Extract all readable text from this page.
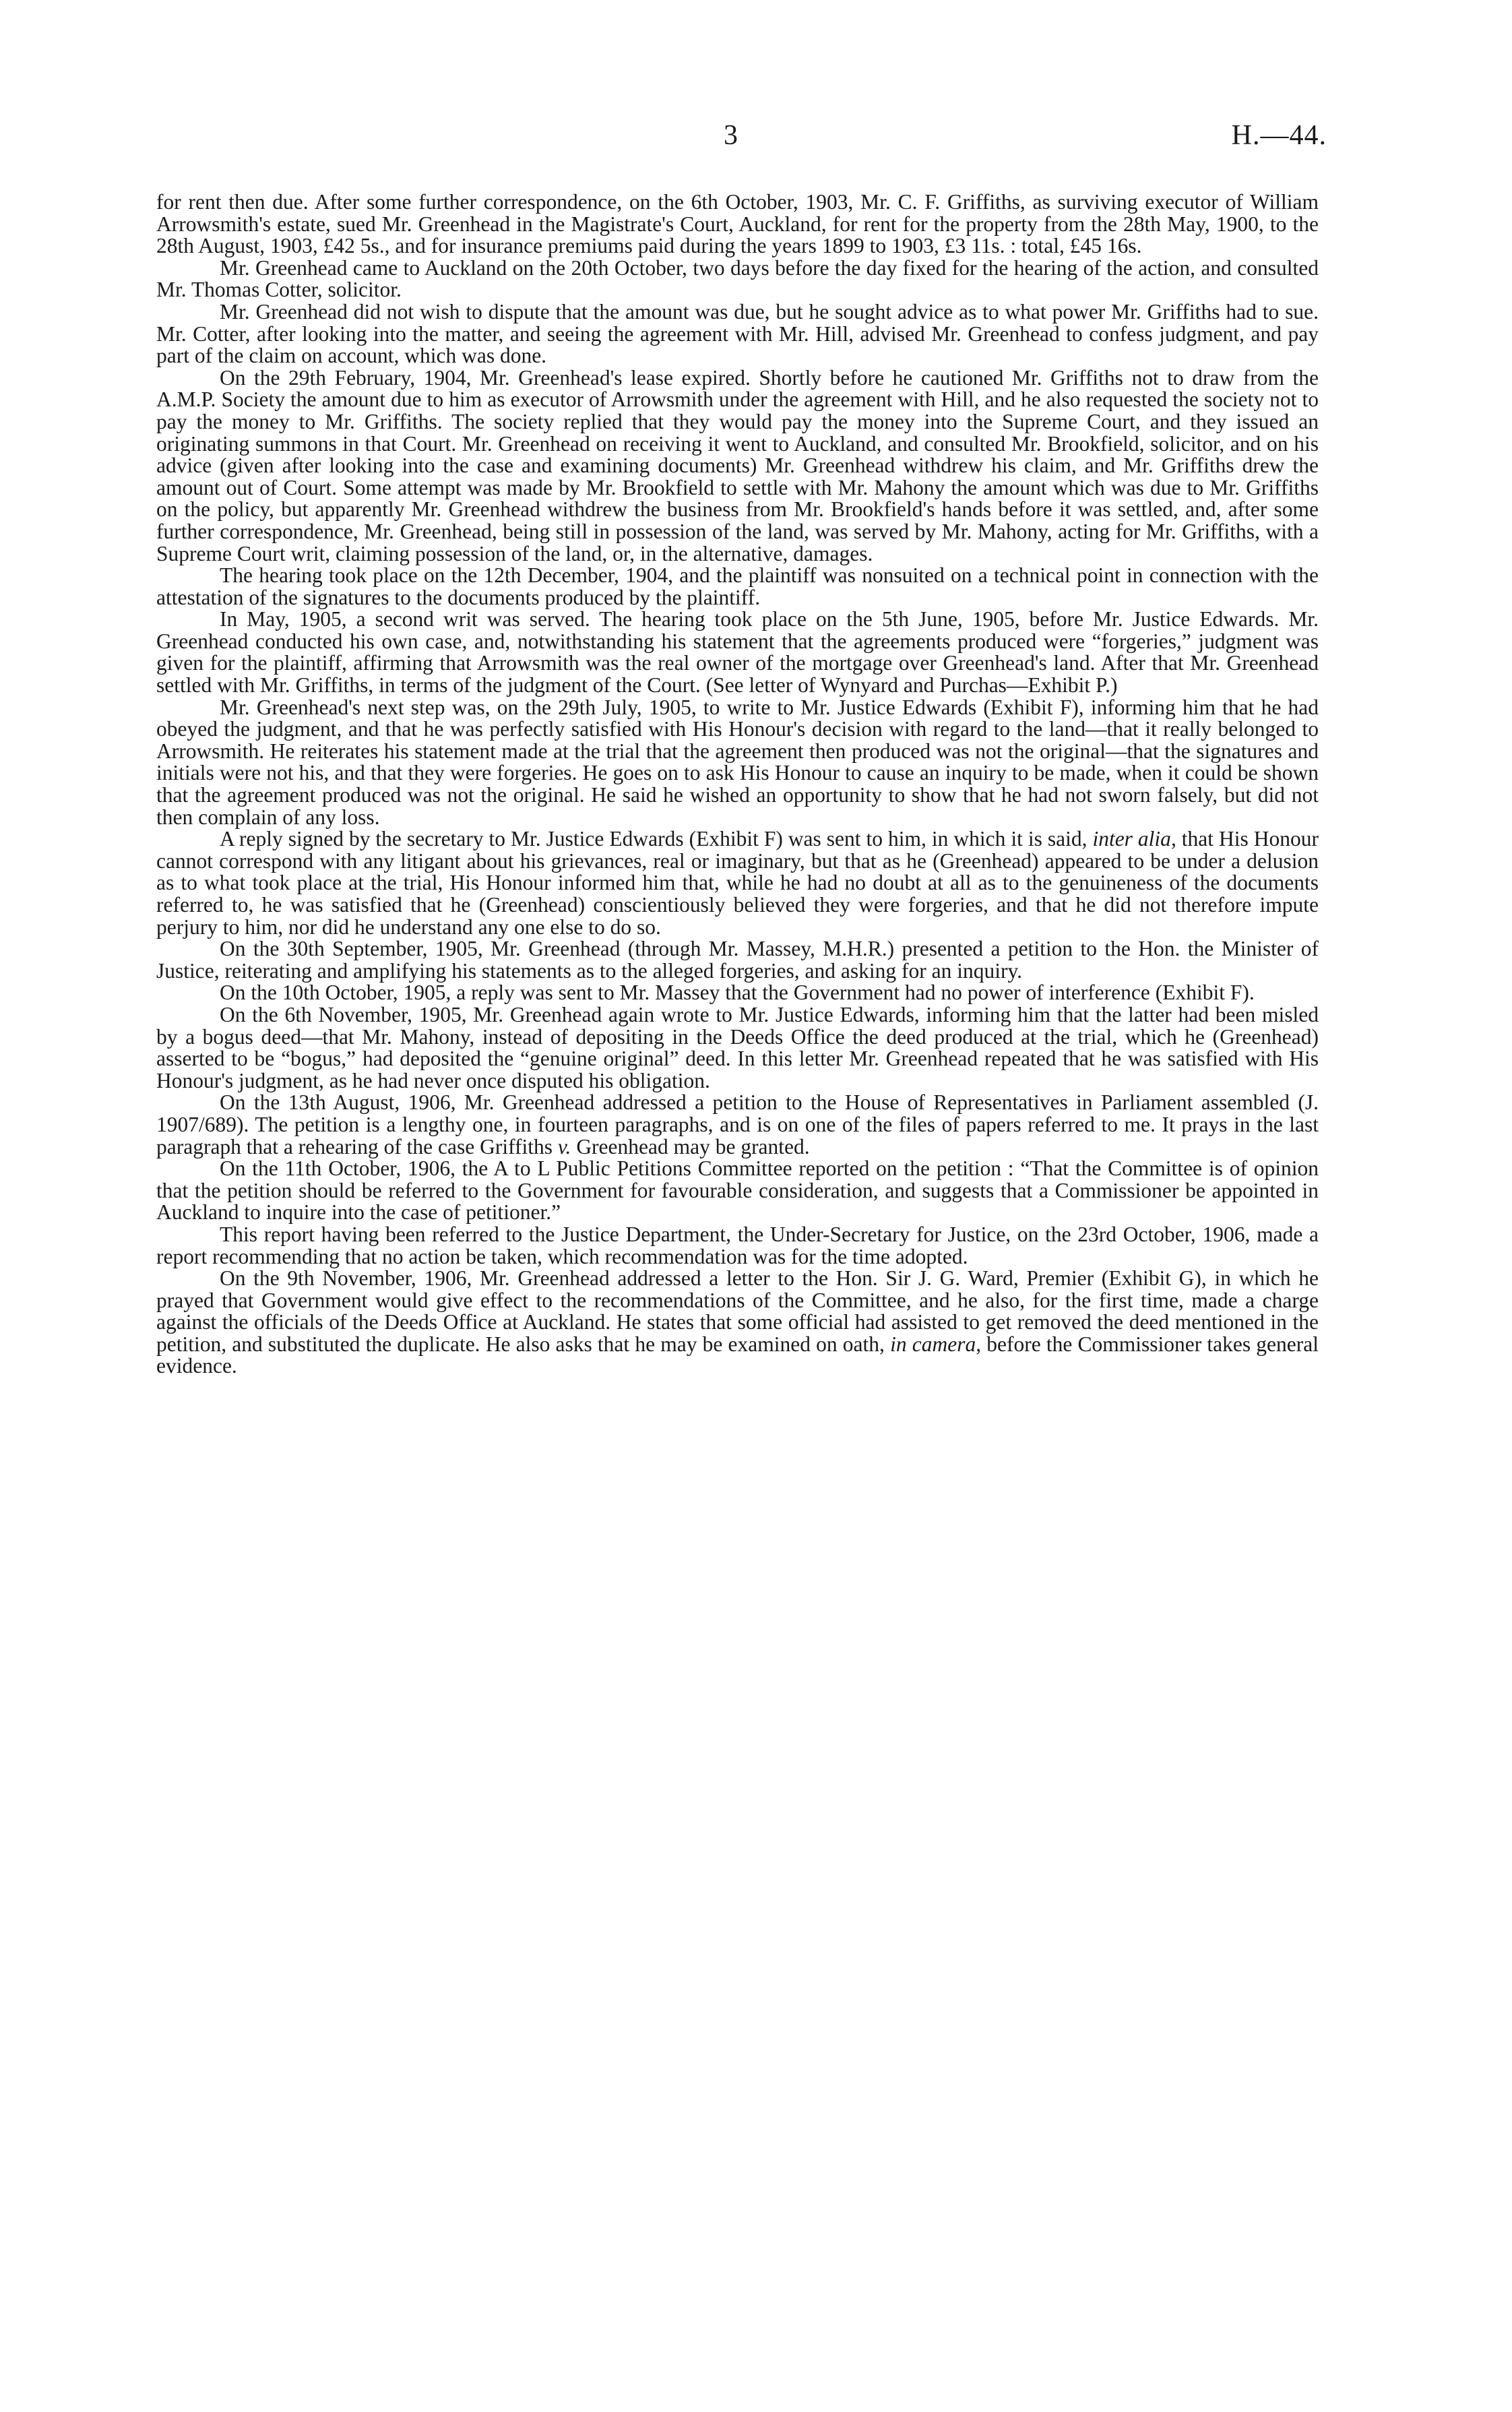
3	H.—44.

for rent then due. After some further correspondence, on the 6th October, 1903, Mr. C. F. Griffiths, as surviving executor of William Arrowsmith's estate, sued Mr. Greenhead in the Magistrate's Court, Auckland, for rent for the property from the 28th May, 1900, to the 28th August, 1903, £42 5s., and for insurance premiums paid during the years 1899 to 1903, £3 11s. : total, £45 16s.

Mr. Greenhead came to Auckland on the 20th October, two days before the day fixed for the hearing of the action, and consulted Mr. Thomas Cotter, solicitor.

Mr. Greenhead did not wish to dispute that the amount was due, but he sought advice as to what power Mr. Griffiths had to sue. Mr. Cotter, after looking into the matter, and seeing the agreement with Mr. Hill, advised Mr. Greenhead to confess judgment, and pay part of the claim on account, which was done.

On the 29th February, 1904, Mr. Greenhead's lease expired. Shortly before he cautioned Mr. Griffiths not to draw from the A.M.P. Society the amount due to him as executor of Arrowsmith under the agreement with Hill, and he also requested the society not to pay the money to Mr. Griffiths. The society replied that they would pay the money into the Supreme Court, and they issued an originating summons in that Court. Mr. Greenhead on receiving it went to Auckland, and consulted Mr. Brookfield, solicitor, and on his advice (given after looking into the case and examining documents) Mr. Greenhead withdrew his claim, and Mr. Griffiths drew the amount out of Court. Some attempt was made by Mr. Brookfield to settle with Mr. Mahony the amount which was due to Mr. Griffiths on the policy, but apparently Mr. Greenhead withdrew the business from Mr. Brookfield's hands before it was settled, and, after some further correspondence, Mr. Greenhead, being still in possession of the land, was served by Mr. Mahony, acting for Mr. Griffiths, with a Supreme Court writ, claiming possession of the land, or, in the alternative, damages.

The hearing took place on the 12th December, 1904, and the plaintiff was nonsuited on a technical point in connection with the attestation of the signatures to the documents produced by the plaintiff.

In May, 1905, a second writ was served. The hearing took place on the 5th June, 1905, before Mr. Justice Edwards. Mr. Greenhead conducted his own case, and, notwithstanding his statement that the agreements produced were “forgeries,” judgment was given for the plaintiff, affirming that Arrowsmith was the real owner of the mortgage over Greenhead's land. After that Mr. Greenhead settled with Mr. Griffiths, in terms of the judgment of the Court. (See letter of Wynyard and Purchas—Exhibit P.)

Mr. Greenhead's next step was, on the 29th July, 1905, to write to Mr. Justice Edwards (Exhibit F), informing him that he had obeyed the judgment, and that he was perfectly satisfied with His Honour's decision with regard to the land—that it really belonged to Arrowsmith. He reiterates his statement made at the trial that the agreement then produced was not the original—that the signatures and initials were not his, and that they were forgeries. He goes on to ask His Honour to cause an inquiry to be made, when it could be shown that the agreement produced was not the original. He said he wished an opportunity to show that he had not sworn falsely, but did not then complain of any loss.

A reply signed by the secretary to Mr. Justice Edwards (Exhibit F) was sent to him, in which it is said, inter alia, that His Honour cannot correspond with any litigant about his grievances, real or imaginary, but that as he (Greenhead) appeared to be under a delusion as to what took place at the trial, His Honour informed him that, while he had no doubt at all as to the genuineness of the documents referred to, he was satisfied that he (Greenhead) conscientiously believed they were forgeries, and that he did not therefore impute perjury to him, nor did he understand any one else to do so.

On the 30th September, 1905, Mr. Greenhead (through Mr. Massey, M.H.R.) presented a petition to the Hon. the Minister of Justice, reiterating and amplifying his statements as to the alleged forgeries, and asking for an inquiry.

On the 10th October, 1905, a reply was sent to Mr. Massey that the Government had no power of interference (Exhibit F).

On the 6th November, 1905, Mr. Greenhead again wrote to Mr. Justice Edwards, informing him that the latter had been misled by a bogus deed—that Mr. Mahony, instead of depositing in the Deeds Office the deed produced at the trial, which he (Greenhead) asserted to be “bogus,” had deposited the “genuine original” deed. In this letter Mr. Greenhead repeated that he was satisfied with His Honour's judgment, as he had never once disputed his obligation.

On the 13th August, 1906, Mr. Greenhead addressed a petition to the House of Representatives in Parliament assembled (J. 1907/689). The petition is a lengthy one, in fourteen paragraphs, and is on one of the files of papers referred to me. It prays in the last paragraph that a rehearing of the case Griffiths v. Greenhead may be granted.

On the 11th October, 1906, the A to L Public Petitions Committee reported on the petition : “That the Committee is of opinion that the petition should be referred to the Government for favourable consideration, and suggests that a Commissioner be appointed in Auckland to inquire into the case of petitioner.”

This report having been referred to the Justice Department, the Under-Secretary for Justice, on the 23rd October, 1906, made a report recommending that no action be taken, which recommendation was for the time adopted.

On the 9th November, 1906, Mr. Greenhead addressed a letter to the Hon. Sir J. G. Ward, Premier (Exhibit G), in which he prayed that Government would give effect to the recommendations of the Committee, and he also, for the first time, made a charge against the officials of the Deeds Office at Auckland. He states that some official had assisted to get removed the deed mentioned in the petition, and substituted the duplicate. He also asks that he may be examined on oath, in camera, before the Commissioner takes general evidence.
